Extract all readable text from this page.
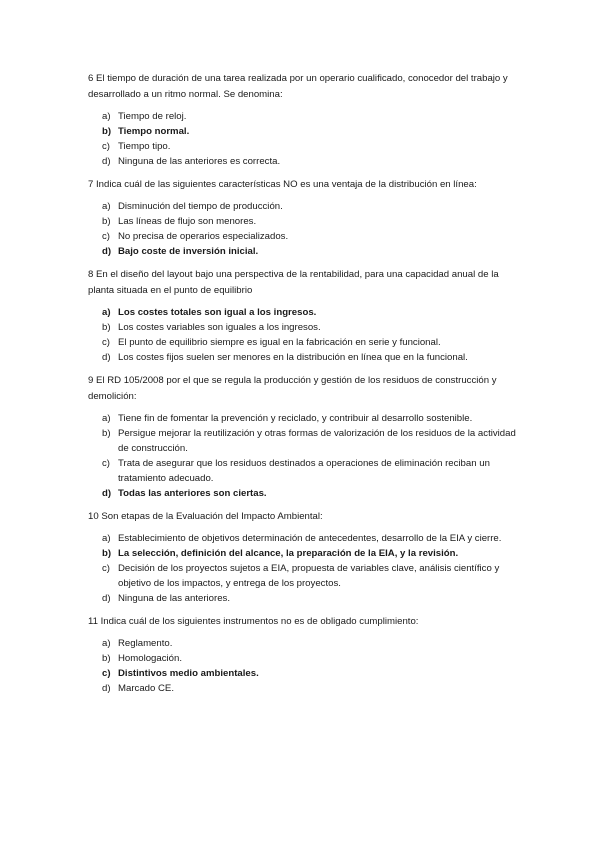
6 El tiempo de duración de una tarea realizada por un operario cualificado, conocedor del trabajo y desarrollado a un ritmo normal. Se denomina:

a) Tiempo de reloj.
b) Tiempo normal.
c) Tiempo tipo.
d) Ninguna de las anteriores es correcta.

7 Indica cuál de las siguientes características NO es una ventaja de la distribución en línea:

a) Disminución del tiempo de producción.
b) Las líneas de flujo son menores.
c) No precisa de operarios especializados.
d) Bajo coste de inversión inicial.

8 En el diseño del layout bajo una perspectiva de la rentabilidad, para una capacidad anual de la planta situada en el punto de equilibrio

a) Los costes totales son igual a los ingresos.
b) Los costes variables son iguales a los ingresos.
c) El punto de equilibrio siempre es igual en la fabricación en serie y funcional.
d) Los costes fijos suelen ser menores en la distribución en línea que en la funcional.

9 El RD 105/2008 por el que se regula la producción y gestión de los residuos de construcción y demolición:

a) Tiene fin de fomentar la prevención y reciclado, y contribuir al desarrollo sostenible.
b) Persigue mejorar la reutilización y otras formas de valorización de los residuos de la actividad de construcción.
c) Trata de asegurar que los residuos destinados a operaciones de eliminación reciban un tratamiento adecuado.
d) Todas las anteriores son ciertas.

10 Son etapas de la Evaluación del Impacto Ambiental:

a) Establecimiento de objetivos determinación de antecedentes, desarrollo de la EIA y cierre.
b) La selección, definición del alcance, la preparación de la EIA, y la revisión.
c) Decisión de los proyectos sujetos a EIA, propuesta de variables clave, análisis científico y objetivo de los impactos, y entrega de los proyectos.
d) Ninguna de las anteriores.

11 Indica cuál de los siguientes instrumentos no es de obligado cumplimiento:

a) Reglamento.
b) Homologación.
c) Distintivos medio ambientales.
d) Marcado CE.
